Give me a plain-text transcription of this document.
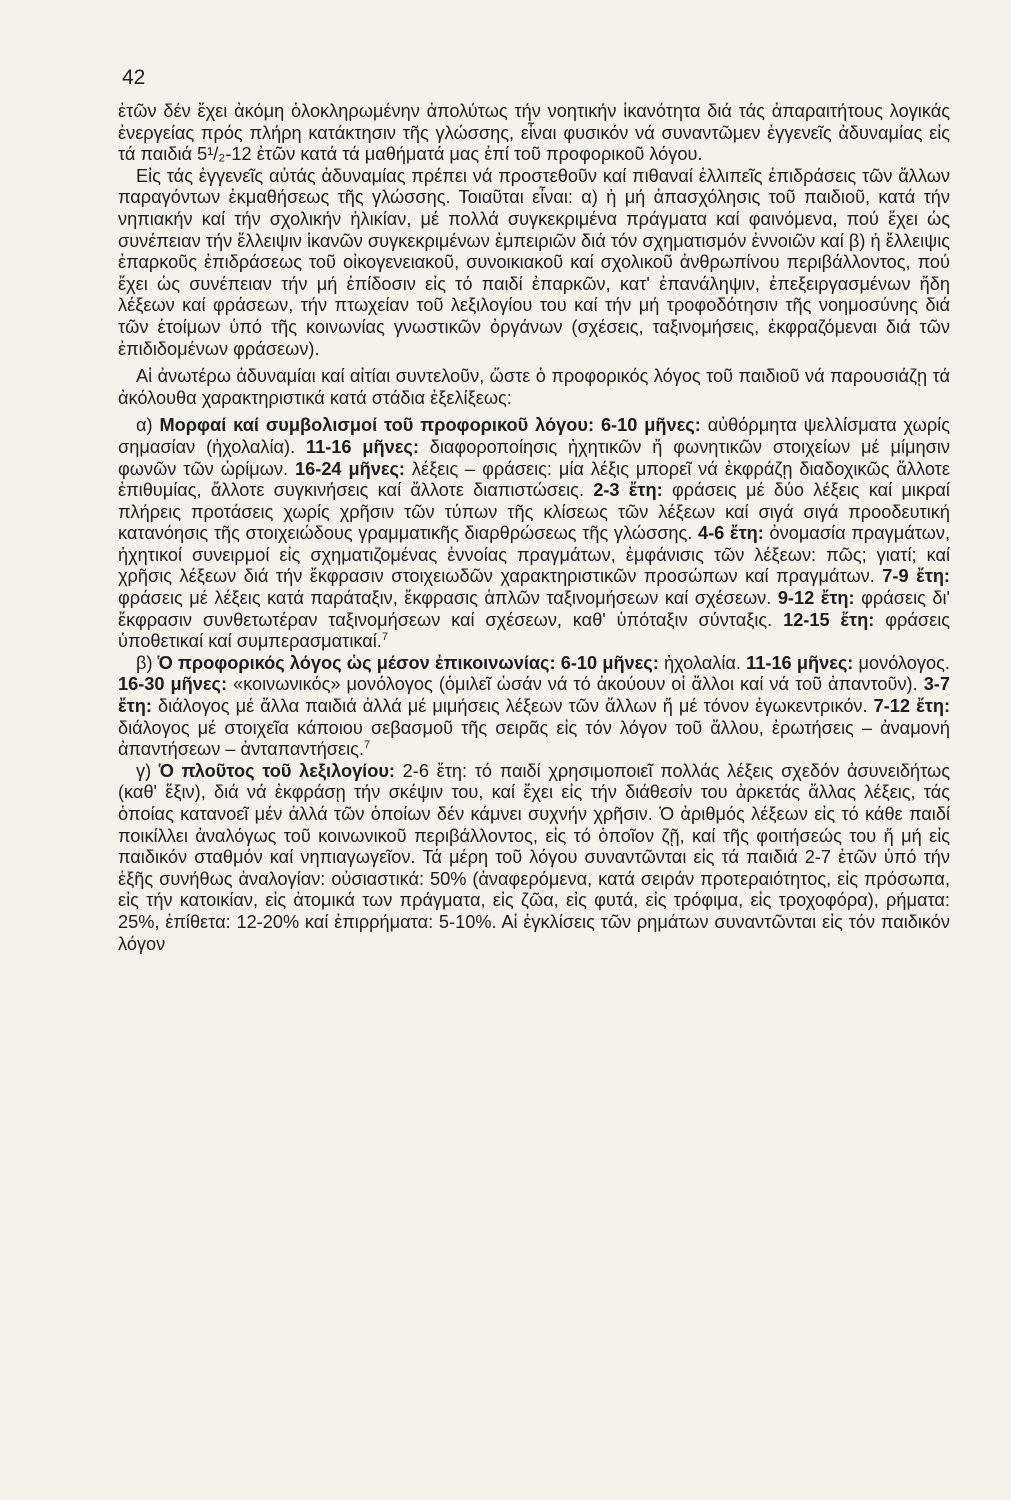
42

ἐτῶν δέν ἔχει ἀκόμη ὁλοκληρωμένην ἀπολύτως τήν νοητικήν ἱκανότητα διά τάς ἀπαραιτήτους λογικάς ἐνεργείας πρός πλήρη κατάκτησιν τῆς γλώσσης, εἶναι φυσικόν νά συναντῶμεν ἐγγενεῖς ἀδυναμίας εἰς τά παιδιά 5¹/₂-12 ἐτῶν κατά τά μαθήματά μας ἐπί τοῦ προφορικοῦ λόγου.

Εἰς τάς ἐγγενεῖς αὐτάς ἀδυναμίας πρέπει νά προστεθοῦν καί πιθαναί ἐλλιπεῖς ἐπιδράσεις τῶν ἄλλων παραγόντων ἐκμαθήσεως τῆς γλώσσης. Τοιαῦται εἶναι: α) ἡ μή ἀπασχόλησις τοῦ παιδιοῦ, κατά τήν νηπιακήν καί τήν σχολικήν ἡλικίαν, μέ πολλά συγκεκριμένα πράγματα καί φαινόμενα, πού ἔχει ὡς συνέπειαν τήν ἔλλειψιν ἱκανῶν συγκεκριμένων ἐμπειριῶν διά τόν σχηματισμόν ἐννοιῶν καί β) ἡ ἔλλειψις ἐπαρκοῦς ἐπιδράσεως τοῦ οἰκογενειακοῦ, συνοικιακοῦ καί σχολικοῦ ἀνθρωπίνου περιβάλλοντος, πού ἔχει ὡς συνέπειαν τήν μή ἐπίδοσιν εἰς τό παιδί ἐπαρκῶν, κατ' ἐπανάληψιν, ἐπεξειργασμένων ἤδη λέξεων καί φράσεων, τήν πτωχείαν τοῦ λεξιλογίου του καί τήν μή τροφοδότησιν τῆς νοημοσύνης διά τῶν ἑτοίμων ὑπό τῆς κοινωνίας γνωστικῶν ὀργάνων (σχέσεις, ταξινομήσεις, ἐκφραζόμεναι διά τῶν ἐπιδιδομένων φράσεων).

Αἱ ἀνωτέρω ἀδυναμίαι καί αἰτίαι συντελοῦν, ὥστε ὁ προφορικός λόγος τοῦ παιδιοῦ νά παρουσιάζῃ τά ἀκόλουθα χαρακτηριστικά κατά στάδια ἐξελίξεως:

α) Μορφαί καί συμβολισμοί τοῦ προφορικοῦ λόγου: 6-10 μῆνες: αὐθόρμητα ψελλίσματα χωρίς σημασίαν (ἠχολαλία). 11-16 μῆνες: διαφοροποίησις ἠχητικῶν ἤ φωνητικῶν στοιχείων μέ μίμησιν φωνῶν τῶν ὡρίμων. 16-24 μῆνες: λέξεις – φράσεις: μία λέξις μπορεῖ νά ἐκφράζῃ διαδοχικῶς ἄλλοτε ἐπιθυμίας, ἄλλοτε συγκινήσεις καί ἄλλοτε διαπιστώσεις. 2-3 ἔτη: φράσεις μέ δύο λέξεις καί μικραί πλήρεις προτάσεις χωρίς χρῆσιν τῶν τύπων τῆς κλίσεως τῶν λέξεων καί σιγά σιγά προοδευτική κατανόησις τῆς στοιχειώδους γραμματικῆς διαρθρώσεως τῆς γλώσσης. 4-6 ἔτη: ὀνομασία πραγμάτων, ἠχητικοί συνειρμοί εἰς σχηματιζομένας ἐννοίας πραγμάτων, ἐμφάνισις τῶν λέξεων: πῶς; γιατί; καί χρῆσις λέξεων διά τήν ἔκφρασιν στοιχειωδῶν χαρακτηριστικῶν προσώπων καί πραγμάτων. 7-9 ἔτη: φράσεις μέ λέξεις κατά παράταξιν, ἔκφρασις ἁπλῶν ταξινομήσεων καί σχέσεων. 9-12 ἔτη: φράσεις δι' ἔκφρασιν συνθετωτέραν ταξινομήσεων καί σχέσεων, καθ' ὑπόταξιν σύνταξις. 12-15 ἔτη: φράσεις ὑποθετικαί καί συμπερασματικαί.$^7$

β) Ὁ προφορικός λόγος ὡς μέσον ἐπικοινωνίας: 6-10 μῆνες: ἠχολαλία. 11-16 μῆνες: μονόλογος. 16-30 μῆνες: «κοινωνικός» μονόλογος (ὁμιλεῖ ὡσάν νά τό ἀκούουν οἱ ἄλλοι καί νά τοῦ ἀπαντοῦν). 3-7 ἔτη: διάλογος μέ ἄλλα παιδιά ἀλλά μέ μιμήσεις λέξεων τῶν ἄλλων ἤ μέ τόνον ἐγωκεντρικόν. 7-12 ἔτη: διάλογος μέ στοιχεῖα κάποιου σεβασμοῦ τῆς σειρᾶς εἰς τόν λόγον τοῦ ἄλλου, ἐρωτήσεις – ἀναμονή ἀπαντήσεων – ἀνταπαντήσεις.$^7$

γ) Ὁ πλοῦτος τοῦ λεξιλογίου: 2-6 ἔτη: τό παιδί χρησιμοποιεῖ πολλάς λέξεις σχεδόν ἀσυνειδήτως (καθ' ἕξιν), διά νά ἐκφράσῃ τήν σκέψιν του, καί ἔχει εἰς τήν διάθεσίν του ἀρκετάς ἄλλας λέξεις, τάς ὁποίας κατανοεῖ μέν ἀλλά τῶν ὁποίων δέν κάμνει συχνήν χρῆσιν. Ὁ ἀριθμός λέξεων εἰς τό κάθε παιδί ποικίλλει ἀναλόγως τοῦ κοινωνικοῦ περιβάλλοντος, εἰς τό ὁποῖον ζῇ, καί τῆς φοιτήσεώς του ἤ μή εἰς παιδικόν σταθμόν καί νηπιαγωγεῖον. Τά μέρη τοῦ λόγου συναντῶνται εἰς τά παιδιά 2-7 ἐτῶν ὑπό τήν ἑξῆς συνήθως ἀναλογίαν: οὐσιαστικά: 50% (ἀναφερόμενα, κατά σειράν προτεραιότητος, εἰς πρόσωπα, εἰς τήν κατοικίαν, εἰς ἀτομικά των πράγματα, εἰς ζῶα, εἰς φυτά, εἰς τρόφιμα, εἰς τροχοφόρα), ρήματα: 25%, ἐπίθετα: 12-20% καί ἐπιρρήματα: 5-10%. Αἱ ἐγκλίσεις τῶν ρημάτων συναντῶνται εἰς τόν παιδικόν λόγον
